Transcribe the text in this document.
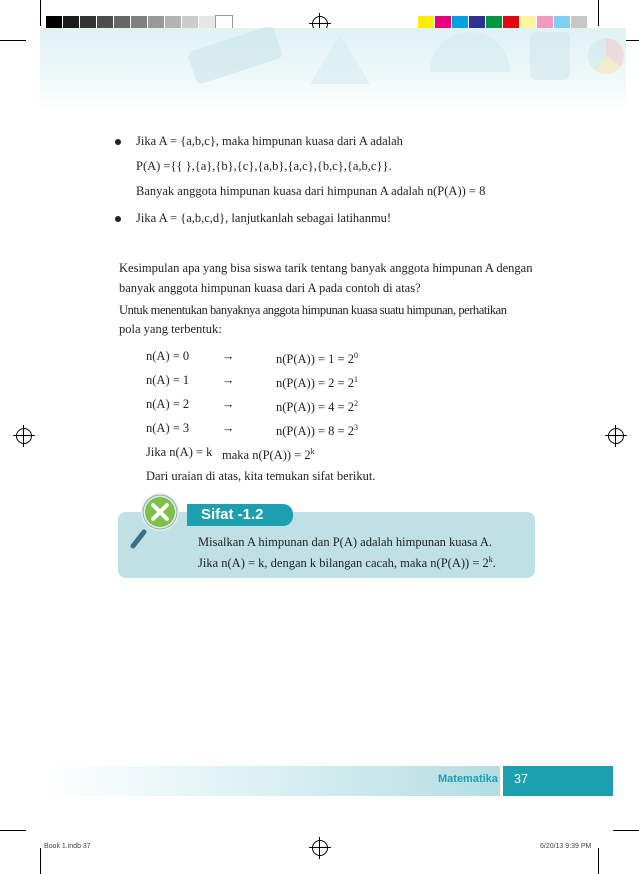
Jika A = {a,b,c}, maka himpunan kuasa dari A adalah
P(A) ={{ },{a},{b},{c},{a,b},{a,c},{b,c},{a,b,c}}.
Banyak anggota himpunan kuasa dari himpunan A adalah n(P(A)) = 8
Jika A = {a,b,c,d}, lanjutkanlah sebagai latihanmu!
Kesimpulan apa yang bisa siswa tarik tentang banyak anggota himpunan A dengan
banyak anggota himpunan kuasa dari A pada contoh di atas?
Untuk menentukan banyaknya anggota himpunan kuasa suatu himpunan, perhatikan
pola yang terbentuk:
n(A) = 0	→	$n(P(A)) = 1 = 2^0$
n(A) = 1	→	$n(P(A)) = 2 = 2^1$
n(A) = 2	→	$n(P(A)) = 4 = 2^2$
n(A) = 3	→	$n(P(A)) = 8 = 2^3$
Jika n(A) = k maka $n(P(A)) = 2^k$
Dari uraian di atas, kita temukan sifat berikut.
Sifat -1.2
Misalkan A himpunan dan P(A) adalah himpunan kuasa A.
Jika n(A) = k, dengan k bilangan cacah, maka $n(P(A)) = 2^k$.
Matematika 37
Book 1.indb 37	6/20/13 9:39 PM
